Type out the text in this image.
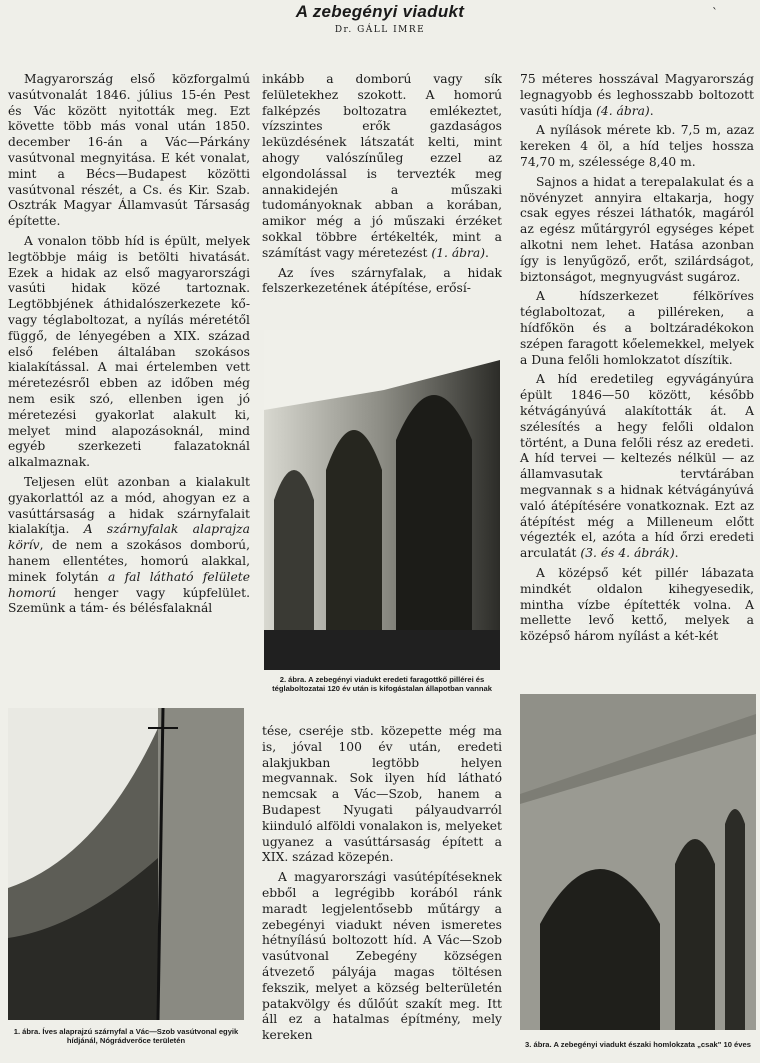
A zebegényi viadukt
Dr. GÁLL IMRE
`

Magyarország első közforgalmú vasútvonalát 1846. július 15-én Pest és Vác között nyitották meg. Ezt követte több más vonal után 1850. december 16-án a Vác—Párkány vasútvonal megnyitása. E két vonalat, mint a Bécs—Budapest közötti vasútvonal részét, a Cs. és Kir. Szab. Osztrák Magyar Államvasút Társaság építette.

A vonalon több híd is épült, melyek legtöbbje máig is betölti hivatását. Ezek a hidak az első magyarországi vasúti hidak közé tartoznak. Legtöbbjének áthidalószerkezete kő- vagy téglaboltozat, a nyílás méretétől függő, de lényegében a XIX. század első felében általában szokásos kialakítással. A mai értelemben vett méretezésről ebben az időben még nem esik szó, ellenben igen jó méretezési gyakorlat alakult ki, melyet mind alapozásoknál, mind egyéb szerkezeti falazatoknál alkalmaznak.

Teljesen elüt azonban a kialakult gyakorlattól az a mód, ahogyan ez a vasúttársaság a hidak szárnyfalait kialakítja. A szárnyfalak alaprajza körív, de nem a szokásos domború, hanem ellentétes, homorú alakkal, minek folytán a fal látható felülete homorú henger vagy kúpfelület. Szemünk a tám- és bélésfalaknál

inkább a domború vagy sík felületekhez szokott. A homorú falképzés boltozatra emlékeztet, vízszintes erők gazdaságos leküzdésének látszatát kelti, mint ahogy valószínűleg ezzel az elgondolással is tervezték meg annakidején a műszaki tudományoknak abban a korában, amikor még a jó műszaki érzéket sokkal többre értékelték, mint a számítást vagy méretezést (1. ábra).

Az íves szárnyfalak, a hidak felszerkezetének átépítése, erősí-

2. ábra. A zebegényi viadukt eredeti faragottkő pillérei és téglaboltozatai 120 év után is kifogástalan állapotban vannak

tése, cseréje stb. közepette még ma is, jóval 100 év után, eredeti alakjukban legtöbb helyen megvannak. Sok ilyen híd látható nemcsak a Vác—Szob, hanem a Budapest Nyugati pályaudvarról kiinduló alföldi vonalakon is, melyeket ugyanez a vasúttársaság épített a XIX. század közepén.

A magyarországi vasútépítéseknek ebből a legrégibb korából ránk maradt legjelentősebb műtárgy a zebegényi viadukt néven ismeretes hétnyílású boltozott híd. A Vác—Szob vasútvonal Zebegény községen átvezető pályája magas töltésen fekszik, melyet a község belterületén patakvölgy és dűlőút szakít meg. Itt áll ez a hatalmas építmény, mely kereken

1. ábra. Íves alaprajzú szárnyfal a Vác—Szob vasútvonal egyik hídjánál, Nógrádverőce területén

75 méteres hosszával Magyarország legnagyobb és leghosszabb boltozott vasúti hídja (4. ábra).

A nyílások mérete kb. 7,5 m, azaz kereken 4 öl, a híd teljes hossza 74,70 m, szélessége 8,40 m.

Sajnos a hidat a terepalakulat és a növényzet annyira eltakarja, hogy csak egyes részei láthatók, magáról az egész műtárgyról egységes képet alkotni nem lehet. Hatása azonban így is lenyűgöző, erőt, szilárdságot, biztonságot, megnyugvást sugároz.

A hídszerkezet félköríves téglaboltozat, a pilléreken, a hídfőkön és a boltzáradékokon szépen faragott kőelemekkel, melyek a Duna felőli homlokzatot díszítik.

A híd eredetileg egyvágányúra épült 1846—50 között, később kétvágányúvá alakították át. A szélesítés a hegy felőli oldalon történt, a Duna felőli rész az eredeti. A híd tervei — keltezés nélkül — az államvasutak tervtárában megvannak s a hidnak kétvágányúvá való átépítésére vonatkoznak. Ezt az átépítést még a Milleneum előtt végezték el, azóta a híd őrzi eredeti arculatát (3. és 4. ábrák).

A középső két pillér lábazata mindkét oldalon kihegyesedik, mintha vízbe építették volna. A mellette levő kettő, melyek a középső három nyílást a két-két

3. ábra. A zebegényi viadukt északi homlokzata „csak" 10 éves
